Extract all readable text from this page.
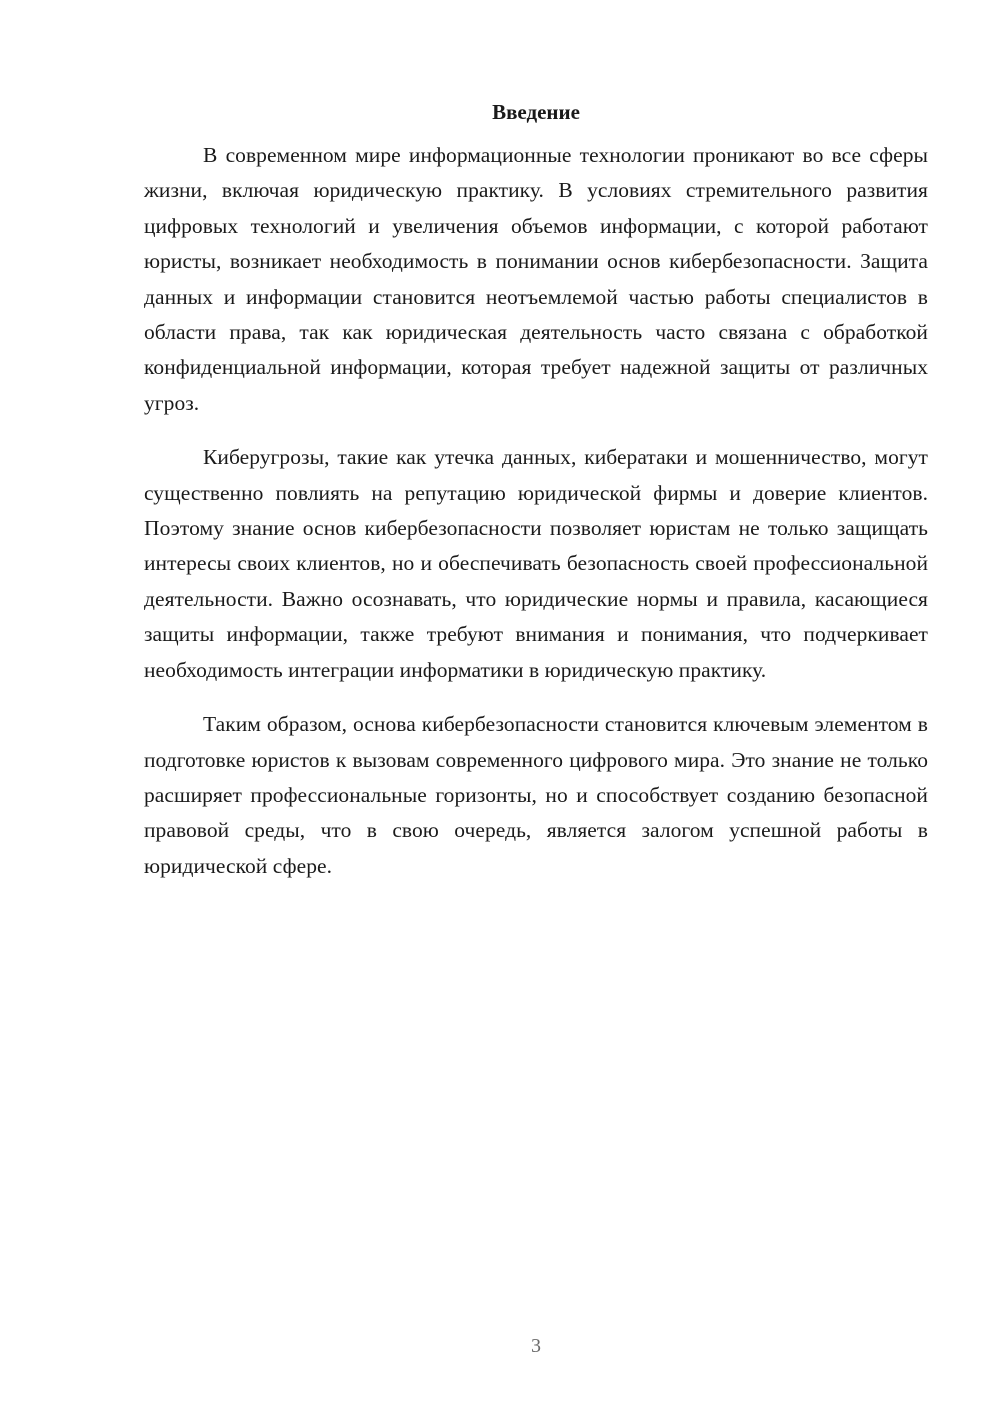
Введение

В современном мире информационные технологии проникают во все сферы жизни, включая юридическую практику. В условиях стремительного развития цифровых технологий и увеличения объемов информации, с которой работают юристы, возникает необходимость в понимании основ кибербезопасности. Защита данных и информации становится неотъемлемой частью работы специалистов в области права, так как юридическая деятельность часто связана с обработкой конфиденциальной информации, которая требует надежной защиты от различных угроз.

Киберугрозы, такие как утечка данных, кибератаки и мошенничество, могут существенно повлиять на репутацию юридической фирмы и доверие клиентов. Поэтому знание основ кибербезопасности позволяет юристам не только защищать интересы своих клиентов, но и обеспечивать безопасность своей профессиональной деятельности. Важно осознавать, что юридические нормы и правила, касающиеся защиты информации, также требуют внимания и понимания, что подчеркивает необходимость интеграции информатики в юридическую практику.

Таким образом, основа кибербезопасности становится ключевым элементом в подготовке юристов к вызовам современного цифрового мира. Это знание не только расширяет профессиональные горизонты, но и способствует созданию безопасной правовой среды, что в свою очередь, является залогом успешной работы в юридической сфере.

3
